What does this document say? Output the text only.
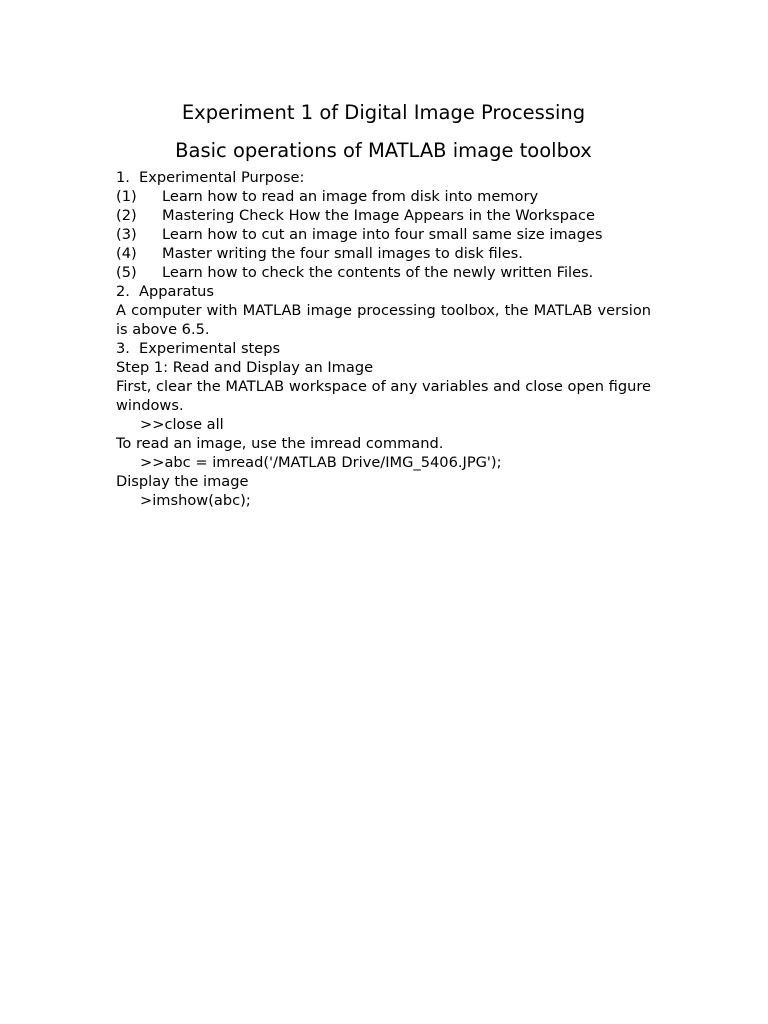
Experiment 1 of Digital Image Processing
Basic operations of MATLAB image toolbox
1. Experimental Purpose:
(1) Learn how to read an image from disk into memory
(2) Mastering Check How the Image Appears in the Workspace
(3) Learn how to cut an image into four small same size images
(4) Master writing the four small images to disk files.
(5) Learn how to check the contents of the newly written Files.
2. Apparatus
A computer with MATLAB image processing toolbox, the MATLAB version is above 6.5.
3. Experimental steps
Step 1: Read and Display an Image
First, clear the MATLAB workspace of any variables and close open figure windows.
>>close all
To read an image, use the imread command.
>>abc = imread('/MATLAB Drive/IMG_5406.JPG');
Display the image
>imshow(abc);
